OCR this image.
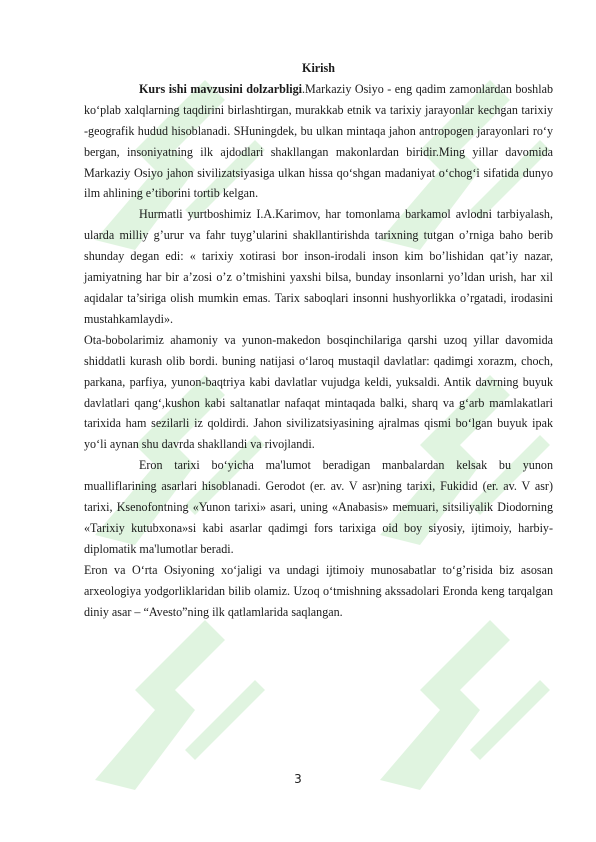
Kirish

Kurs ishi mavzusini dolzarbligi.Markaziy Osiyo - eng qadim zamonlardan boshlab ko‘plab xalqlarning taqdirini birlashtirgan, murakkab etnik va tarixiy jarayonlar kechgan tarixiy -geografik hudud hisoblanadi. SHuningdek, bu ulkan mintaqa jahon antropogen jarayonlari ro‘y bergan, insoniyatning ilk ajdodlari shakllangan makonlardan biridir.Ming yillar davomida Markaziy Osiyo jahon sivilizatsiyasiga ulkan hissa qo‘shgan madaniyat o‘chog‘i sifatida dunyo ilm ahlining e’tiborini tortib kelgan.

Hurmatli yurtboshimiz I.A.Karimov, har tomonlama barkamol avlodni tarbiyalash, ularda milliy g’urur va fahr tuyg’ularini shakllantirishda tarixning tutgan o’rniga baho berib shunday degan edi: « tarixiy xotirasi bor inson-irodali inson kim bo’lishidan qat’iy nazar, jamiyatning har bir a’zosi o’z o’tmishini yaxshi bilsa, bunday insonlarni yo’ldan urish, har xil aqidalar ta’siriga olish mumkin emas. Tarix saboqlari insonni hushyorlikka o’rgatadi, irodasini mustahkamlaydi».

Ota-bobolarimiz ahamoniy va yunon-makedon bosqinchilariga qarshi uzoq yillar davomida shiddatli kurash olib bordi. buning natijasi o‘laroq mustaqil davlatlar: qadimgi xorazm, choch, parkana, parfiya, yunon-baqtriya kabi davlatlar vujudga keldi, yuksaldi. Antik davrning buyuk davlatlari qang‘,kushon kabi saltanatlar nafaqat mintaqada balki, sharq va g‘arb mamlakatlari tarixida ham sezilarli iz qoldirdi. Jahon sivilizatsiyasining ajralmas qismi bo‘lgan buyuk ipak yo‘li aynan shu davrda shakllandi va rivojlandi.

Eron tarixi bo‘yicha ma'lumot beradigan manbalardan kelsak bu yunon mualliflarining asarlari hisoblanadi. Gerodot (er. av. V asr)ning tarixi, Fukidid (er. av. V asr) tarixi, Ksenofontning «Yunon tarixi» asari, uning «Anabasis» memuari, sitsiliyalik Diodorning «Tarixiy kutubxona»si kabi asarlar qadimgi fors tarixiga oid boy siyosiy, ijtimoiy, harbiy-diplomatik ma'lumotlar beradi.

Eron va O‘rta Osiyoning xo‘jaligi va undagi ijtimoiy munosabatlar to‘g’risida biz asosan arxeologiya yodgorliklaridan bilib olamiz. Uzoq o‘tmishning akssadolari Eronda keng tarqalgan diniy asar – “Avesto”ning ilk qatlamlarida saqlangan.

3
